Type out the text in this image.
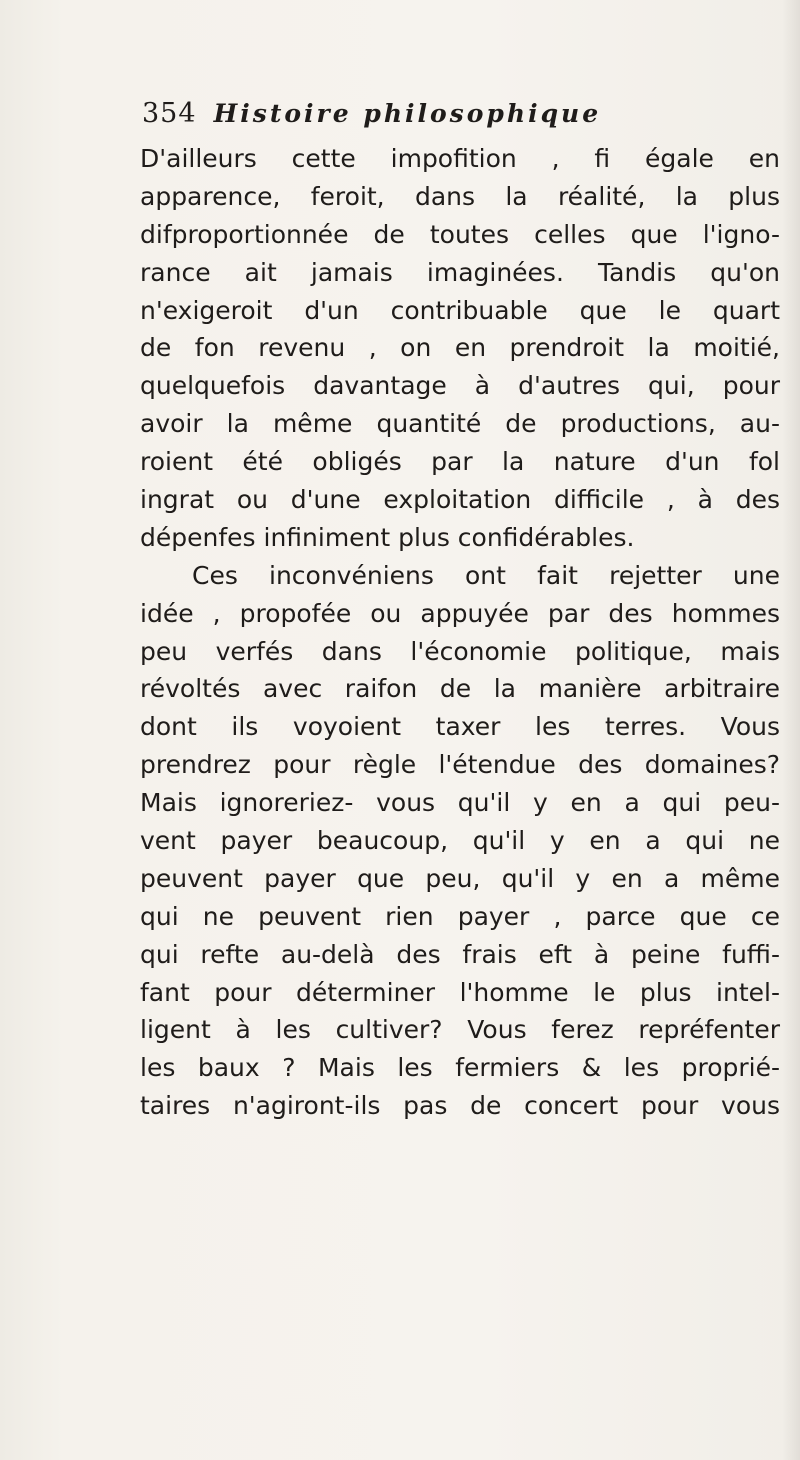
354 Histoire philosophique
D'ailleurs cette impofition , fi égale en
apparence, feroit, dans la réalité, la plus
difproportionnée de toutes celles que l'igno-
rance ait jamais imaginées. Tandis qu'on
n'exigeroit d'un contribuable que le quart
de fon revenu , on en prendroit la moitié,
quelquefois davantage à d'autres qui, pour
avoir la même quantité de productions, au-
roient été obligés par la nature d'un fol
ingrat ou d'une exploitation difficile , à des
dépenfes infiniment plus confidérables.
Ces inconvéniens ont fait rejetter une
idée , propofée ou appuyée par des hommes
peu verfés dans l'économie politique, mais
révoltés avec raifon de la manière arbitraire
dont ils voyoient taxer les terres. Vous
prendrez pour règle l'étendue des domaines?
Mais ignoreriez- vous qu'il y en a qui peu-
vent payer beaucoup, qu'il y en a qui ne
peuvent payer que peu, qu'il y en a même
qui ne peuvent rien payer , parce que ce
qui refte au-delà des frais eft à peine fuffi-
fant pour déterminer l'homme le plus intel-
ligent à les cultiver? Vous ferez repréfenter
les baux ? Mais les fermiers & les proprié-
taires n'agiront-ils pas de concert pour vous
